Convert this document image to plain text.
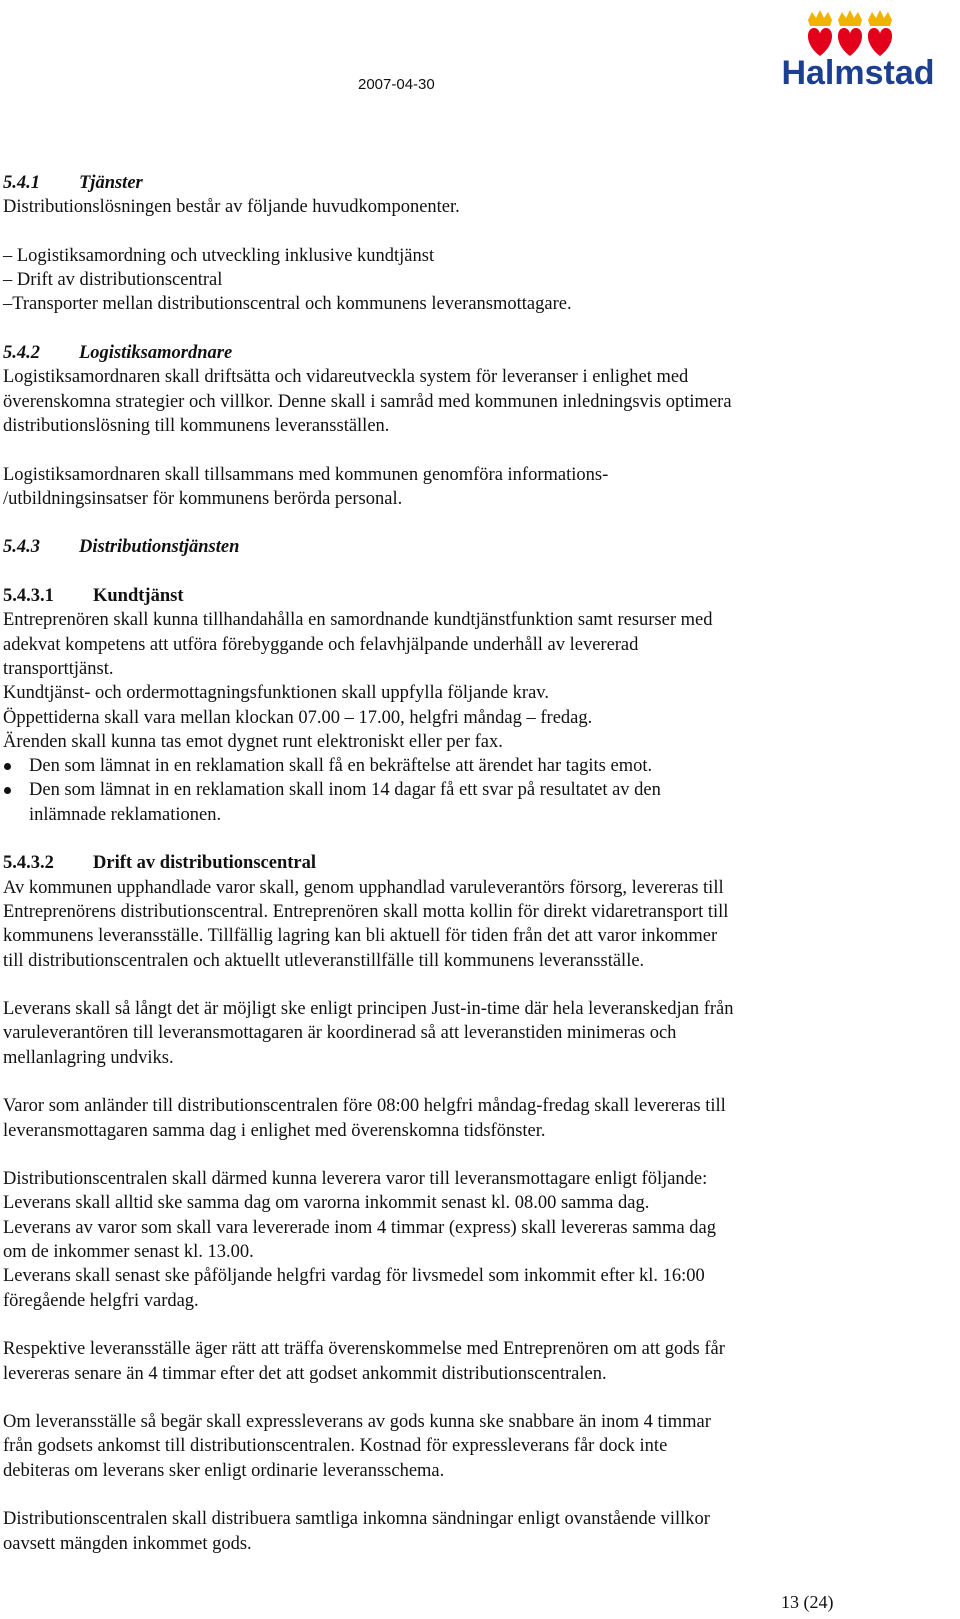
2007-04-30	Halmstad

5.4.1 Tjänster

Distributionslösningen består av följande huvudkomponenter.

– Logistiksamordning och utveckling inklusive kundtjänst

– Drift av distributionscentral

–Transporter mellan distributionscentral och kommunens leveransmottagare.

5.4.2 Logistiksamordnare

Logistiksamordnaren skall driftsätta och vidareutveckla system för leveranser i enlighet med

överenskomna strategier och villkor. Denne skall i samråd med kommunen inledningsvis optimera

distributionslösning till kommunens leveransställen.

Logistiksamordnaren skall tillsammans med kommunen genomföra informations-

/utbildningsinsatser för kommunens berörda personal.

5.4.3 Distributionstjänsten

5.4.3.1 Kundtjänst

Entreprenören skall kunna tillhandahålla en samordnande kundtjänstfunktion samt resurser med

adekvat kompetens att utföra förebyggande och felavhjälpande underhåll av levererad

transporttjänst.

Kundtjänst- och ordermottagningsfunktionen skall uppfylla följande krav.

Öppettiderna skall vara mellan klockan 07.00 – 17.00, helgfri måndag – fredag.

Ärenden skall kunna tas emot dygnet runt elektroniskt eller per fax.

Den som lämnat in en reklamation skall få en bekräftelse att ärendet har tagits emot.
Den som lämnat in en reklamation skall inom 14 dagar få ett svar på resultatet av den
inlämnade reklamationen.

5.4.3.2 Drift av distributionscentral

Av kommunen upphandlade varor skall, genom upphandlad varuleverantörs försorg, levereras till

Entreprenörens distributionscentral. Entreprenören skall motta kollin för direkt vidaretransport till

kommunens leveransställe. Tillfällig lagring kan bli aktuell för tiden från det att varor inkommer

till distributionscentralen och aktuellt utleveranstillfälle till kommunens leveransställe.

Leverans skall så långt det är möjligt ske enligt principen Just-in-time där hela leveranskedjan från

varuleverantören till leveransmottagaren är koordinerad så att leveranstiden minimeras och

mellanlagring undviks.

Varor som anländer till distributionscentralen före 08:00 helgfri måndag-fredag skall levereras till

leveransmottagaren samma dag i enlighet med överenskomna tidsfönster.

Distributionscentralen skall därmed kunna leverera varor till leveransmottagare enligt följande:

Leverans skall alltid ske samma dag om varorna inkommit senast kl. 08.00 samma dag.

Leverans av varor som skall vara levererade inom 4 timmar (express) skall levereras samma dag

om de inkommer senast kl. 13.00.

Leverans skall senast ske påföljande helgfri vardag för livsmedel som inkommit efter kl. 16:00

föregående helgfri vardag.

Respektive leveransställe äger rätt att träffa överenskommelse med Entreprenören om att gods får

levereras senare än 4 timmar efter det att godset ankommit distributionscentralen.

Om leveransställe så begär skall expressleverans av gods kunna ske snabbare än inom 4 timmar

från godsets ankomst till distributionscentralen. Kostnad för expressleverans får dock inte

debiteras om leverans sker enligt ordinarie leveransschema.

Distributionscentralen skall distribuera samtliga inkomna sändningar enligt ovanstående villkor

oavsett mängden inkommet gods.

13 (24)
